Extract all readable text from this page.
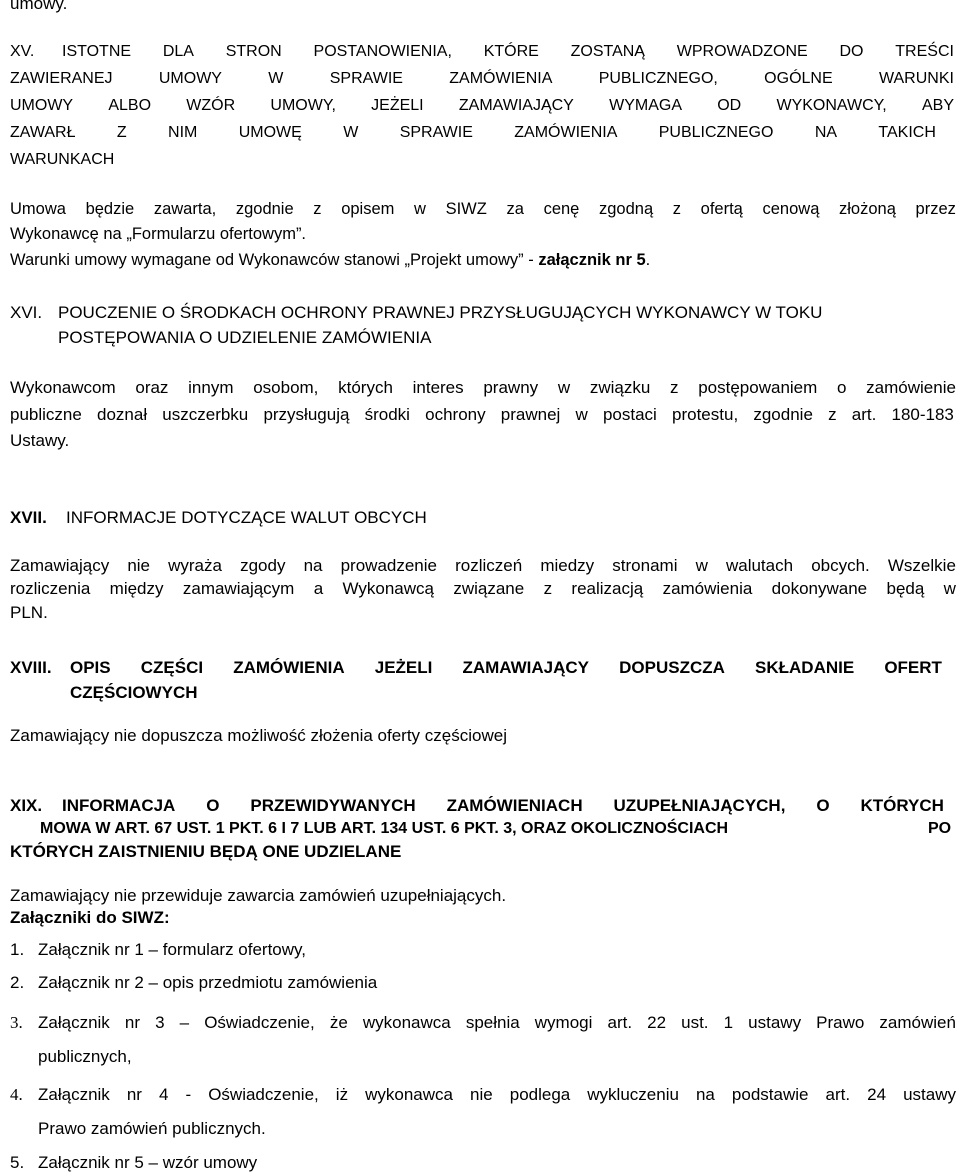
umowy.
XV. ISTOTNE DLA STRON POSTANOWIENIA, KTÓRE ZOSTANĄ WPROWADZONE DO TREŚCI
ZAWIERANEJ	UMOWY	W	SPRAWIE	ZAMÓWIENIA	PUBLICZNEGO,	OGÓLNE	WARUNKI
UMOWY ALBO WZÓR UMOWY, JEŻELI ZAMAWIAJĄCY WYMAGA OD WYKONAWCY, ABY
ZAWARŁ	Z	NIM	UMOWĘ	W	SPRAWIE	ZAMÓWIENIA	PUBLICZNEGO	NA	TAKICH
WARUNKACH
Umowa będzie zawarta, zgodnie z opisem w SIWZ za cenę zgodną z ofertą cenową złożoną przez
Wykonawcę na „Formularzu ofertowym”.
Warunki umowy wymagane od Wykonawców stanowi „Projekt umowy” - załącznik nr 5.
XVI. POUCZENIE O ŚRODKACH OCHRONY PRAWNEJ PRZYSŁUGUJĄCYCH WYKONAWCY W TOKU
POSTĘPOWANIA O UDZIELENIE ZAMÓWIENIA
Wykonawcom oraz innym osobom, których interes prawny w związku z postępowaniem o zamówienie
publiczne doznał uszczerbku przysługują środki ochrony prawnej w postaci protestu, zgodnie z art. 180-183
Ustawy.
XVII. INFORMACJE DOTYCZĄCE WALUT OBCYCH
Zamawiający nie wyraża zgody na prowadzenie rozliczeń miedzy stronami w walutach obcych. Wszelkie
rozliczenia między zamawiającym a Wykonawcą związane z realizacją zamówienia dokonywane będą w
PLN.
XVIII. OPIS CZĘŚCI ZAMÓWIENIA JEŻELI ZAMAWIAJĄCY DOPUSZCZA SKŁADANIE OFERT
CZĘŚCIOWYCH
Zamawiający nie dopuszcza możliwość złożenia oferty częściowej
XIX. INFORMACJA O PRZEWIDYWANYCH ZAMÓWIENIACH UZUPEŁNIAJĄCYCH, O KTÓRYCH
MOWA W ART. 67 UST. 1 PKT. 6 I 7 LUB ART. 134 UST. 6 PKT. 3, ORAZ OKOLICZNOŚCIACH	PO
KTÓRYCH ZAISTNIENIU BĘDĄ ONE UDZIELANE
Zamawiający nie przewiduje zawarcia zamówień uzupełniających.
Załączniki do SIWZ:
1. Załącznik nr 1 – formularz ofertowy,
2. Załącznik nr 2 – opis przedmiotu zamówienia
3. Załącznik nr 3 – Oświadczenie, że wykonawca spełnia wymogi art. 22 ust. 1 ustawy Prawo zamówień
publicznych,
4. Załącznik nr 4 - Oświadczenie, iż wykonawca nie podlega wykluczeniu na podstawie art. 24 ustawy
Prawo zamówień publicznych.
5. Załącznik nr 5 – wzór umowy
